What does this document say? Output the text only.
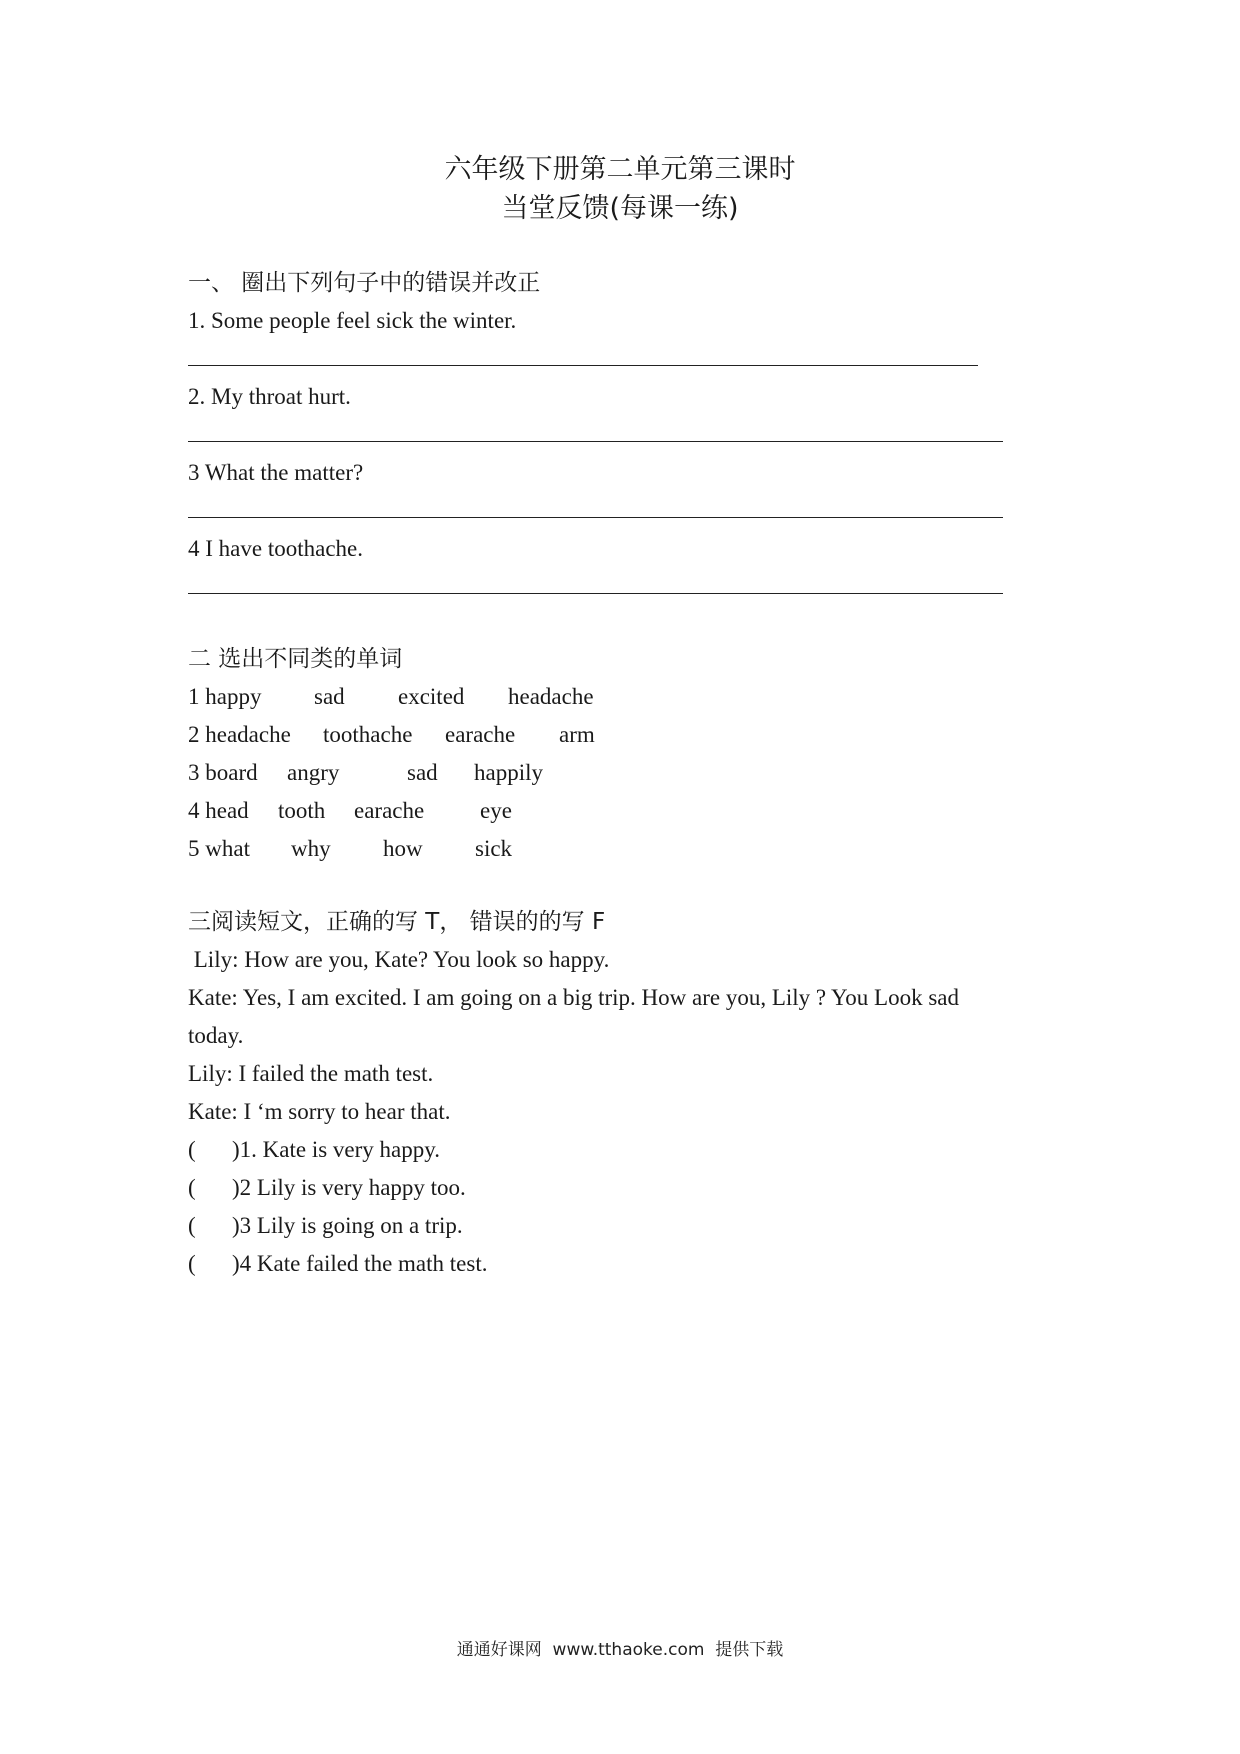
六年级下册第二单元第三课时
当堂反馈(每课一练)
一、 圈出下列句子中的错误并改正
1. Some people feel sick the winter.
2. My throat hurt.
3 What the matter?
4 I have toothache.
二 选出不同类的单词
1 happy	sad	excited	headache
2 headache	toothache	earache	arm
3 board	angry	sad	happily
4 head	tooth	earache	eye
5 what	why	how	sick
三阅读短文，正确的写 T， 错误的的写 F
Lily: How are you, Kate? You look so happy.
Kate: Yes, I am excited. I am going on a big trip. How are you, Lily ? You Look sad
today.
Lily: I failed the math test.
Kate: I ‘m sorry to hear that.
(	)1. Kate is very happy.
(	)2 Lily is very happy too.
(	)3 Lily is going on a trip.
(	)4 Kate failed the math test.
通通好课网  www.tthaoke.com  提供下载
